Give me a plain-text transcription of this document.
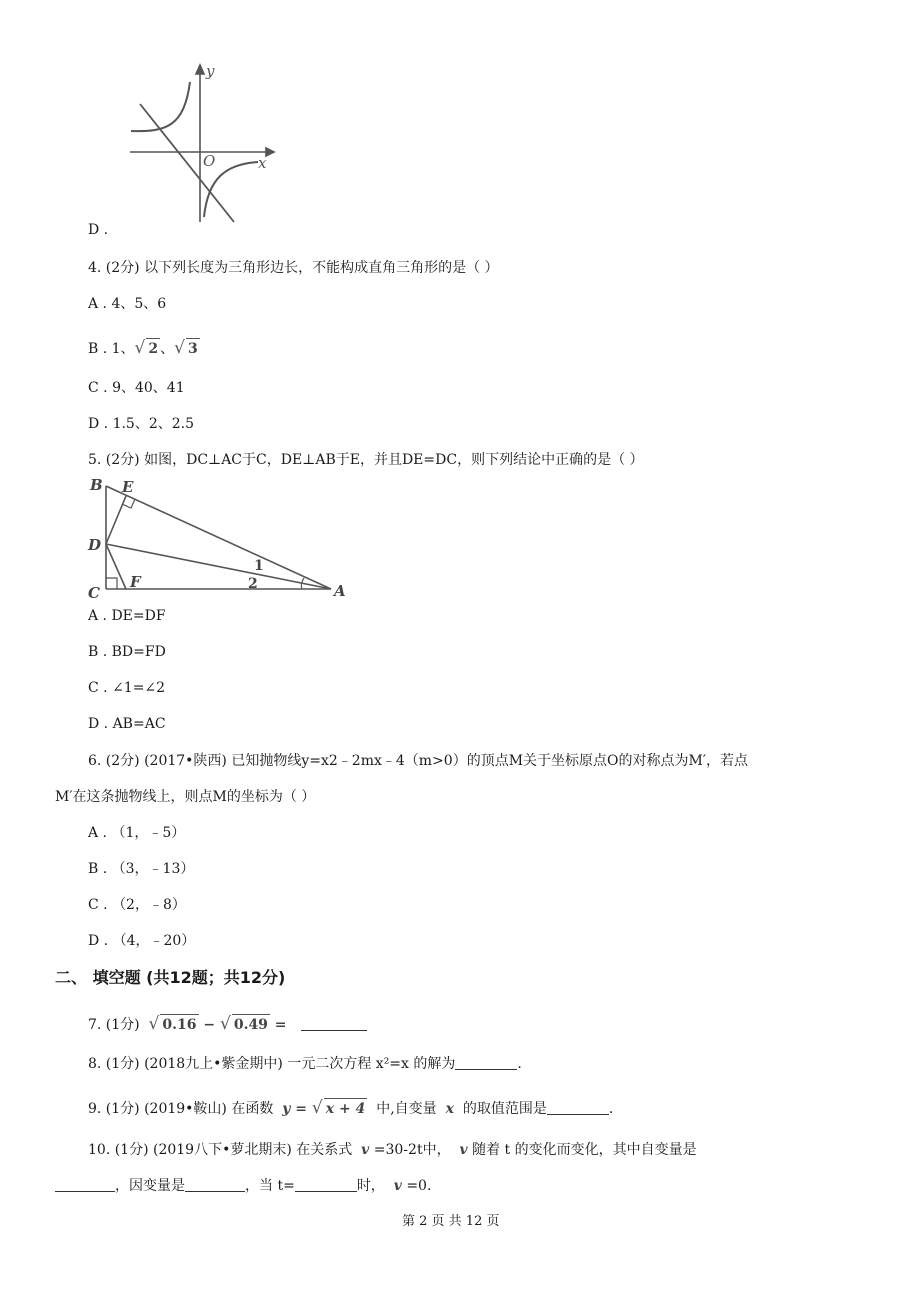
y
x
O
D .
4. (2分) 以下列长度为三角形边长，不能构成直角三角形的是（ ）
A . 4、5、6
B . 1、√ 2 、√ 3
C . 9、40、41
D . 1.5、2、2.5
5. (2分) 如图，DC⊥AC于C，DE⊥AB于E，并且DE=DC，则下列结论中正确的是（ ）
B E
D
C
F	A
1
2
A . DE=DF
B . BD=FD
C . ∠1=∠2
D . AB=AC
6. (2分) (2017•陕西) 已知抛物线y=x2﹣2mx﹣4（m>0）的顶点M关于坐标原点O的对称点为M′，若点
M′在这条抛物线上，则点M的坐标为（ ）
A . （1，﹣5）
B . （3，﹣13）
C . （2，﹣8）
D . （4，﹣20）
二、 填空题 (共12题；共12分)
7. (1分) √ 0.16 − √ 0.49 =
8. (1分) (2018九上•紫金期中) 一元二次方程 x²=x 的解为	.
9. (1分) (2019•鞍山) 在函数 y = √ x + 4 中,自变量 x 的取值范围是	.
10. (1分) (2019八下•萝北期末) 在关系式 v =30-2t中， v 随着 t 的变化而变化，其中自变量是
，因变量是	，当 t=	时， v =0.
第 2 页 共 12 页
